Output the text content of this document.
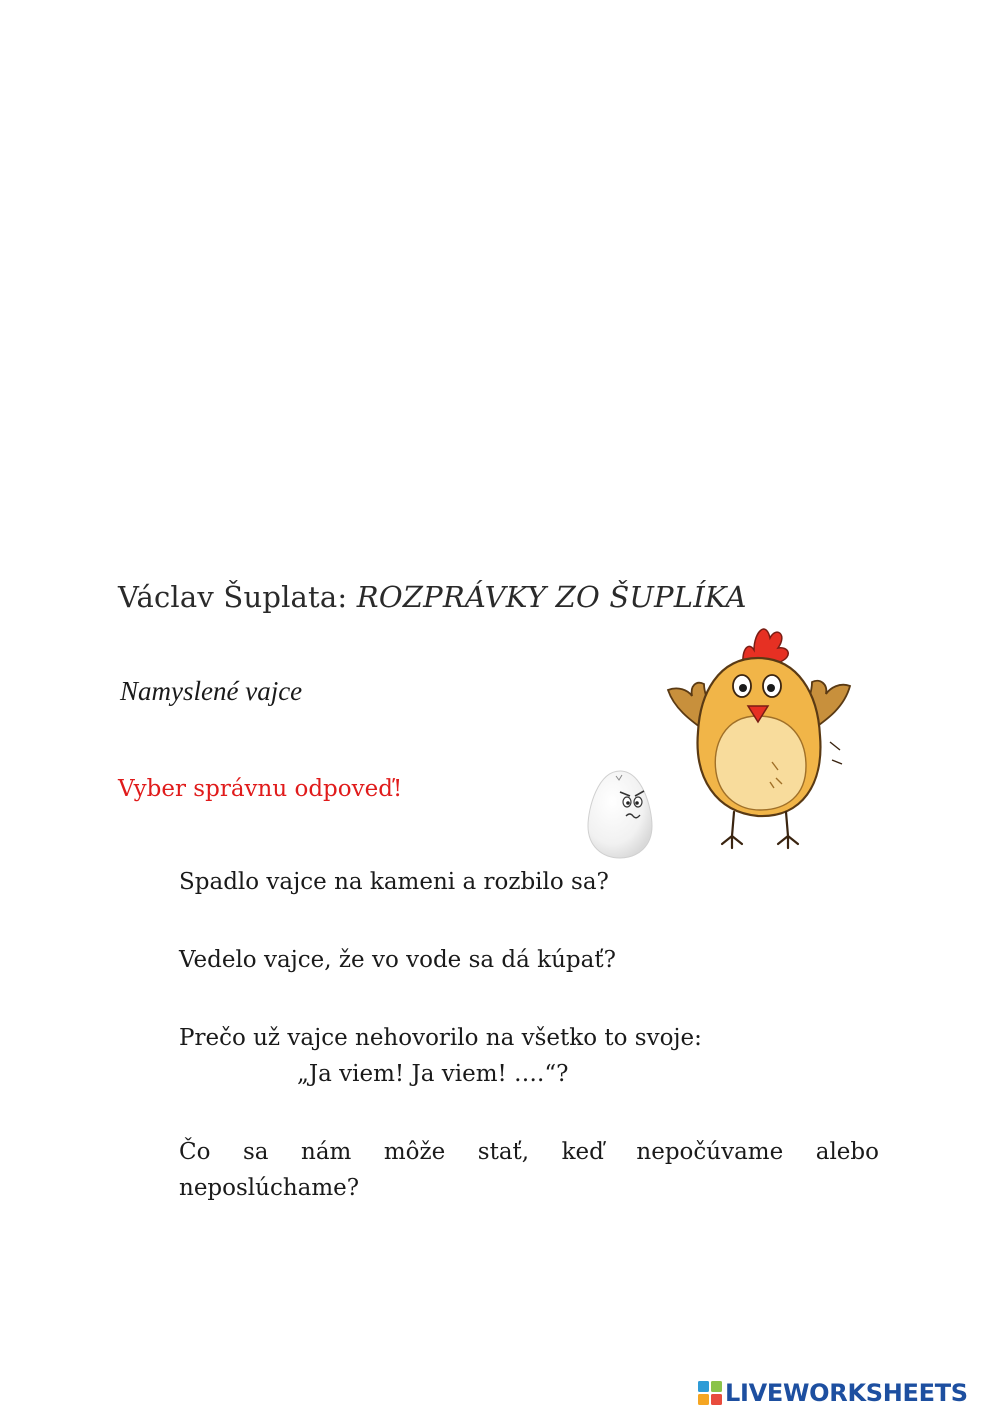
Václav Šuplata: ROZPRÁVKY ZO ŠUPLÍKA
Namyslené vajce

Vyber správnu odpoveď!

Spadlo vajce na kameni a rozbilo sa?

Vedelo vajce, že vo vode sa dá kúpať?

Prečo už vajce nehovorilo na všetko to svoje:
„Ja viem! Ja viem! ….“?

Čo sa nám môže stať, keď nepočúvame alebo
neposlúchame?

LIVEWORKSHEETS
